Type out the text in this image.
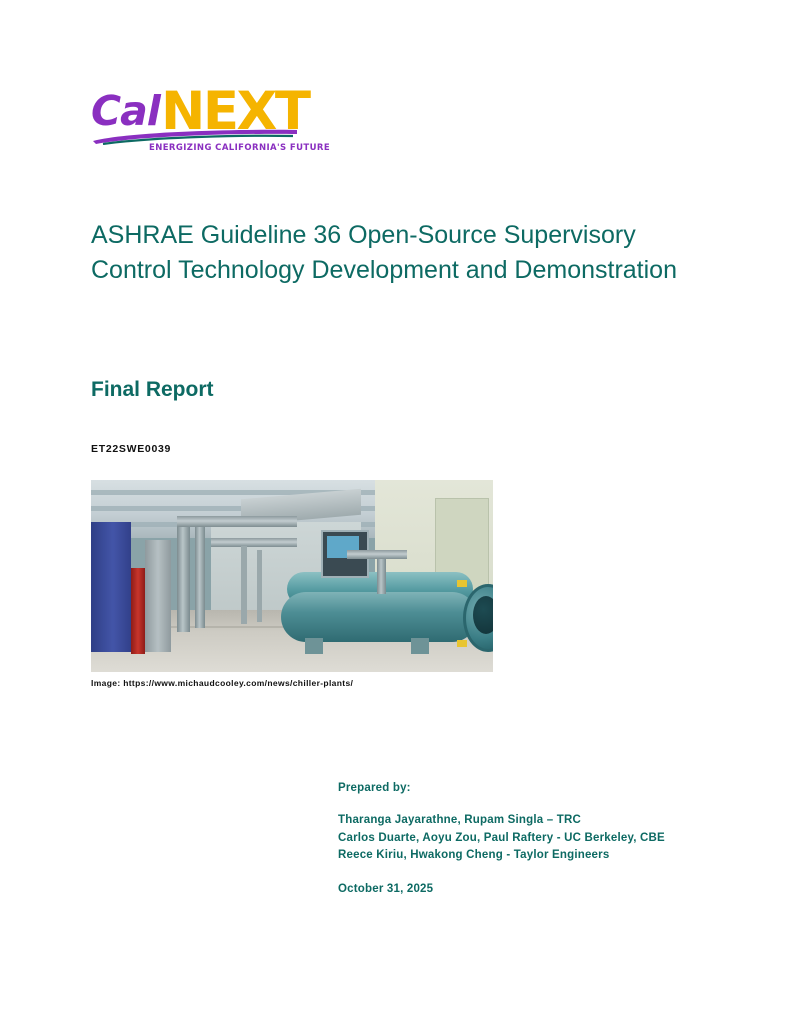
Cal NEXT
ENERGIZING CALIFORNIA'S FUTURE
ASHRAE Guideline 36 Open-Source Supervisory Control Technology Development and Demonstration
Final Report
ET22SWE0039
Image: https://www.michaudcooley.com/news/chiller-plants/
Prepared by:
Tharanga Jayarathne, Rupam Singla – TRC
Carlos Duarte, Aoyu Zou, Paul Raftery - UC Berkeley, CBE
Reece Kiriu, Hwakong Cheng - Taylor Engineers
October 31, 2025
